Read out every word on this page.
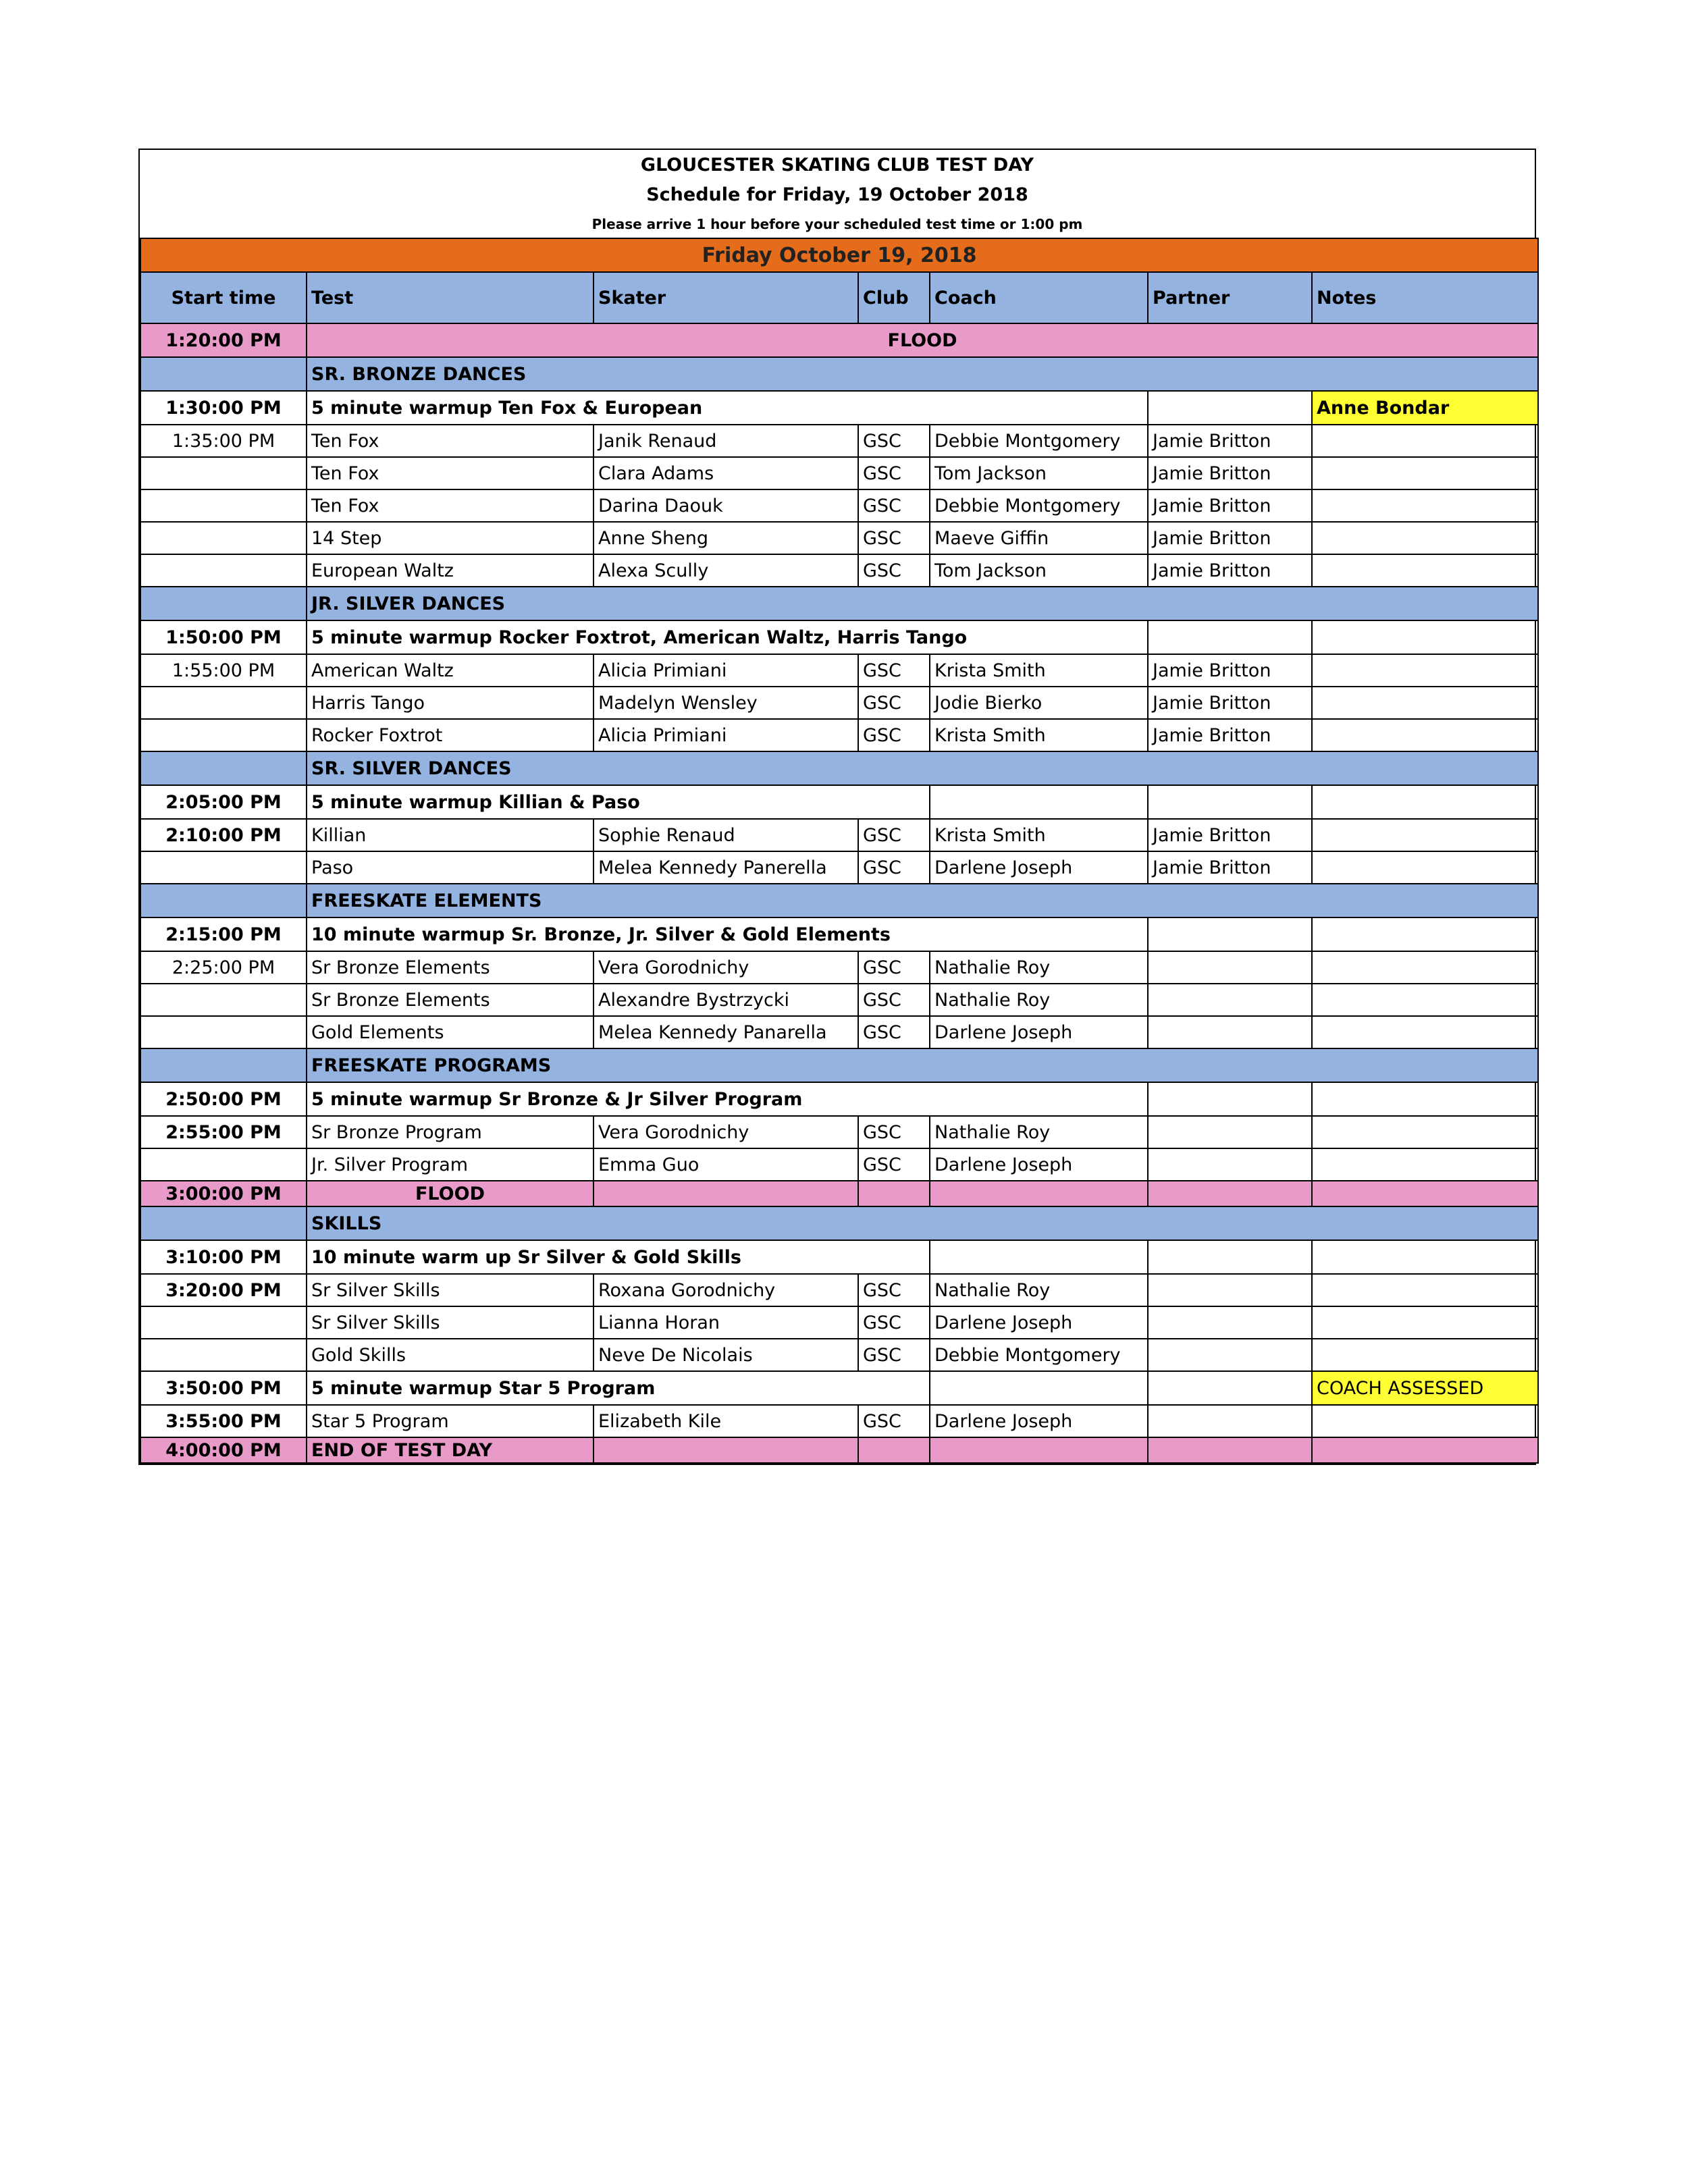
GLOUCESTER SKATING CLUB TEST DAY
Schedule for Friday, 19 October 2018
Please arrive 1 hour before your scheduled test time or 1:00 pm
Friday October 19, 2018						
Start time	Test	Skater	Club	Coach	Partner	Notes
1:20:00 PM	FLOOD					
	SR. BRONZE DANCES					
1:30:00 PM	5 minute warmup Ten Fox & European					Anne Bondar
1:35:00 PM	Ten Fox	Janik Renaud	GSC	Debbie Montgomery	Jamie Britton	
	Ten Fox	Clara Adams	GSC	Tom Jackson	Jamie Britton	
	Ten Fox	Darina Daouk	GSC	Debbie Montgomery	Jamie Britton	
	14 Step	Anne Sheng	GSC	Maeve Giffin	Jamie Britton	
	European Waltz	Alexa Scully	GSC	Tom Jackson	Jamie Britton	
	JR. SILVER DANCES					
1:50:00 PM	5 minute warmup Rocker Foxtrot, American Waltz, Harris Tango					
1:55:00 PM	American Waltz	Alicia Primiani	GSC	Krista Smith	Jamie Britton	
	Harris Tango	Madelyn Wensley	GSC	Jodie Bierko	Jamie Britton	
	Rocker Foxtrot	Alicia Primiani	GSC	Krista Smith	Jamie Britton	
	SR. SILVER DANCES					
2:05:00 PM	5 minute warmup Killian & Paso					
2:10:00 PM	Killian	Sophie Renaud	GSC	Krista Smith	Jamie Britton	
	Paso	Melea Kennedy Panerella	GSC	Darlene Joseph	Jamie Britton	
	FREESKATE ELEMENTS					
2:15:00 PM	10 minute warmup Sr. Bronze, Jr. Silver & Gold Elements					
2:25:00 PM	Sr Bronze Elements	Vera Gorodnichy	GSC	Nathalie Roy		
	Sr Bronze Elements	Alexandre Bystrzycki	GSC	Nathalie Roy		
	Gold Elements	Melea Kennedy Panarella	GSC	Darlene Joseph		
	FREESKATE PROGRAMS					
2:50:00 PM	5 minute warmup Sr Bronze & Jr Silver Program					
2:55:00 PM	Sr Bronze Program	Vera Gorodnichy	GSC	Nathalie Roy		
	Jr. Silver Program	Emma Guo	GSC	Darlene Joseph		
3:00:00 PM	FLOOD					
	SKILLS					
3:10:00 PM	10 minute warm up Sr Silver & Gold Skills					
3:20:00 PM	Sr Silver Skills	Roxana Gorodnichy	GSC	Nathalie Roy		
	Sr Silver Skills	Lianna Horan	GSC	Darlene Joseph		
	Gold Skills	Neve De Nicolais	GSC	Debbie Montgomery		
3:50:00 PM	5 minute warmup Star 5 Program					COACH ASSESSED
3:55:00 PM	Star 5 Program	Elizabeth Kile	GSC	Darlene Joseph		
4:00:00 PM	END OF TEST DAY					
